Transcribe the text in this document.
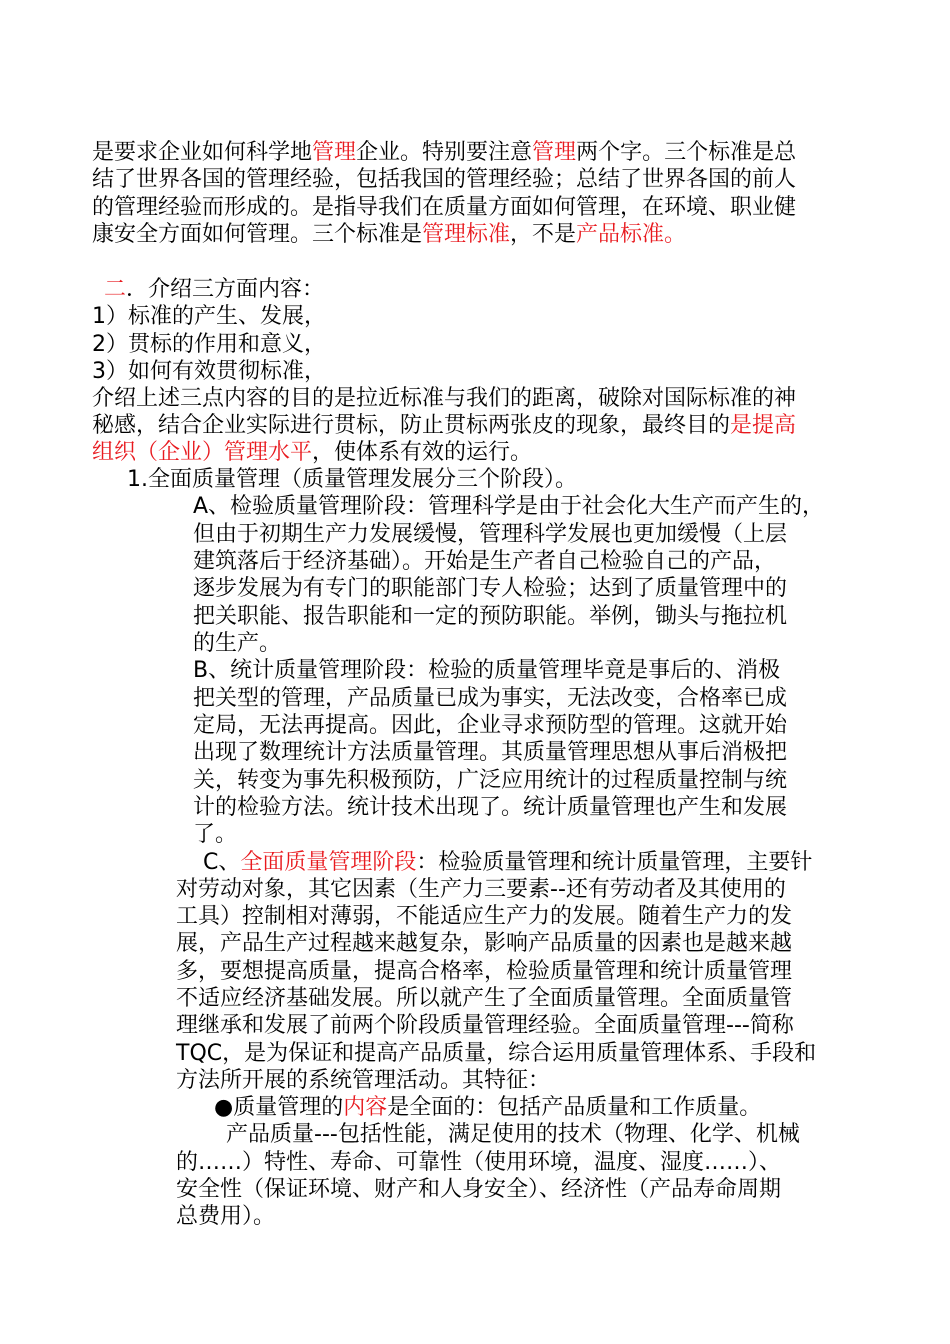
是要求企业如何科学地管理企业。特别要注意管理两个字。三个标准是总
结了世界各国的管理经验，包括我国的管理经验；总结了世界各国的前人
的管理经验而形成的。是指导我们在质量方面如何管理，在环境、职业健
康安全方面如何管理。三个标准是管理标准，不是产品标准。
二．介绍三方面内容：
1）标准的产生、发展，
2）贯标的作用和意义，
3）如何有效贯彻标准，
介绍上述三点内容的目的是拉近标准与我们的距离，破除对国际标准的神
秘感，结合企业实际进行贯标，防止贯标两张皮的现象，最终目的是提高
组织（企业）管理水平，使体系有效的运行。
1.全面质量管理（质量管理发展分三个阶段）。
A、检验质量管理阶段：管理科学是由于社会化大生产而产生的，
但由于初期生产力发展缓慢，管理科学发展也更加缓慢（上层
建筑落后于经济基础）。开始是生产者自己检验自己的产品，
逐步发展为有专门的职能部门专人检验；达到了质量管理中的
把关职能、报告职能和一定的预防职能。举例，锄头与拖拉机
的生产。
B、统计质量管理阶段：检验的质量管理毕竟是事后的、消极
把关型的管理，产品质量已成为事实，无法改变，合格率已成
定局，无法再提高。因此，企业寻求预防型的管理。这就开始
出现了数理统计方法质量管理。其质量管理思想从事后消极把
关，转变为事先积极预防，广泛应用统计的过程质量控制与统
计的检验方法。统计技术出现了。统计质量管理也产生和发展
了。
C、全面质量管理阶段：检验质量管理和统计质量管理，主要针
对劳动对象，其它因素（生产力三要素--还有劳动者及其使用的
工具）控制相对薄弱，不能适应生产力的发展。随着生产力的发
展，产品生产过程越来越复杂，影响产品质量的因素也是越来越
多，要想提高质量，提高合格率，检验质量管理和统计质量管理
不适应经济基础发展。所以就产生了全面质量管理。全面质量管
理继承和发展了前两个阶段质量管理经验。全面质量管理---简称
TQC，是为保证和提高产品质量，综合运用质量管理体系、手段和
方法所开展的系统管理活动。其特征：
●质量管理的内容是全面的：包括产品质量和工作质量。
产品质量---包括性能，满足使用的技术（物理、化学、机械
的……）特性、寿命、可靠性（使用环境，温度、湿度……）、
安全性（保证环境、财产和人身安全）、经济性（产品寿命周期
总费用）。
